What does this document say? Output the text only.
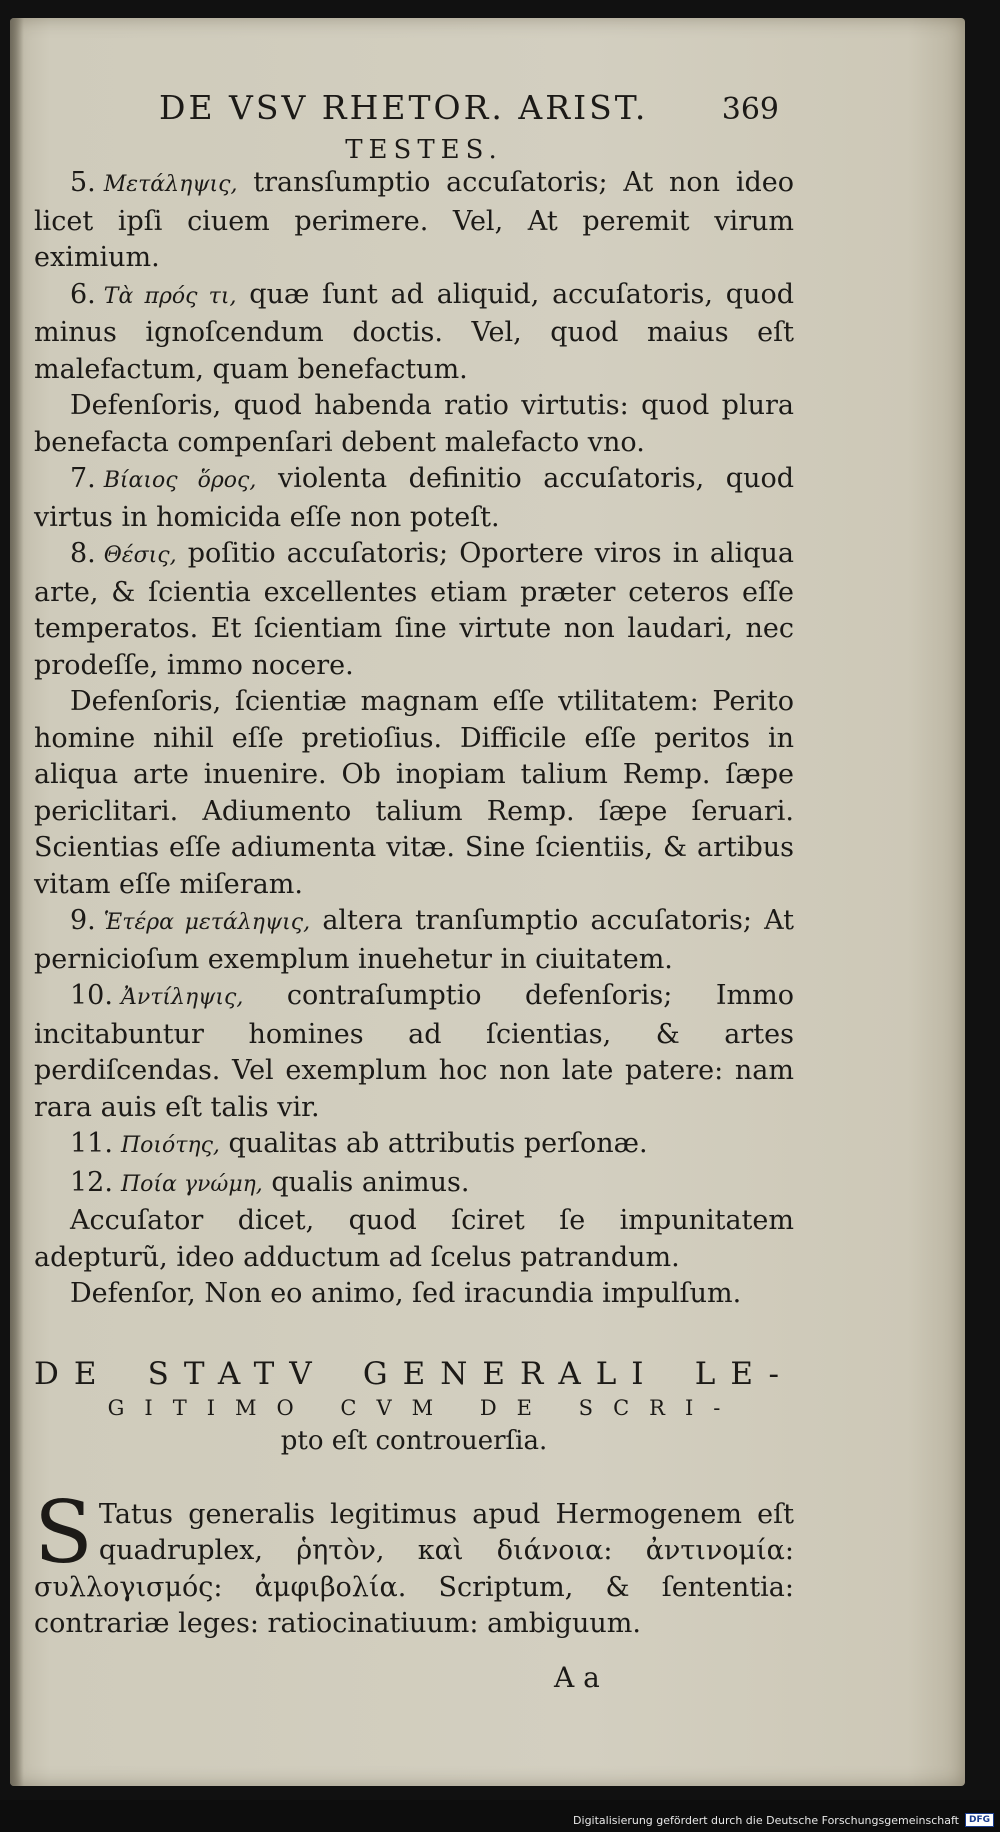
DE VSV RHETOR. ARIST. 369
TESTES.

5. Μετάληψις, transſumptio accuſatoris; At non ideo licet ipſi ciuem perimere. Vel, At peremit virum eximium.

6. Τὰ πρός τι, quæ ſunt ad aliquid, accuſatoris, quod minus ignoſcendum doctis. Vel, quod maius eſt malefactum, quam benefactum.

Defenſoris, quod habenda ratio virtutis: quod plura benefacta compenſari debent malefacto vno.

7. Βίαιος ὅρος, violenta definitio accuſatoris, quod virtus in homicida eſſe non poteſt.

8. Θέσις, poſitio accuſatoris; Oportere viros in aliqua arte, & ſcientia excellentes etiam præter ceteros eſſe temperatos. Et ſcientiam ſine virtute non laudari, nec prodeſſe, immo nocere.

Defenſoris, ſcientiæ magnam eſſe vtilitatem: Perito homine nihil eſſe pretioſius. Difficile eſſe peritos in aliqua arte inuenire. Ob inopiam talium Remp. ſæpe periclitari. Adiumento talium Remp. ſæpe ſeruari. Scientias eſſe adiumenta vitæ. Sine ſcientiis, & artibus vitam eſſe miſeram.

9. Ἑτέρα μετάληψις, altera tranſumptio accuſatoris; At pernicioſum exemplum inuehetur in ciuitatem.

10. Ἀντίληψις, contraſumptio defenſoris; Immo incitabuntur homines ad ſcientias, & artes perdiſcendas. Vel exemplum hoc non late patere: nam rara auis eſt talis vir.

11. Ποιότης, qualitas ab attributis perſonæ.

12. Ποία γνώμη, qualis animus.

Accuſator dicet, quod ſciret ſe impunitatem adepturũ, ideo adductum ad ſcelus patrandum.

Defenſor, Non eo animo, ſed iracundia impulſum.

DE STATV GENERALI LE-
GITIMO CVM DE SCRI-
pto eſt controuerſia.

S Tatus generalis legitimus apud Hermogenem eſt quadruplex, ῥητὸν, καὶ διάνοια: ἀντινομία: συλλογισμός: ἀμφιβολία. Scriptum, & ſententia: contrariæ leges: ratiocinatiuum: ambiguum.

A a
Digitalisierung gefördert durch die Deutsche Forschungsgemeinschaft	DFG
